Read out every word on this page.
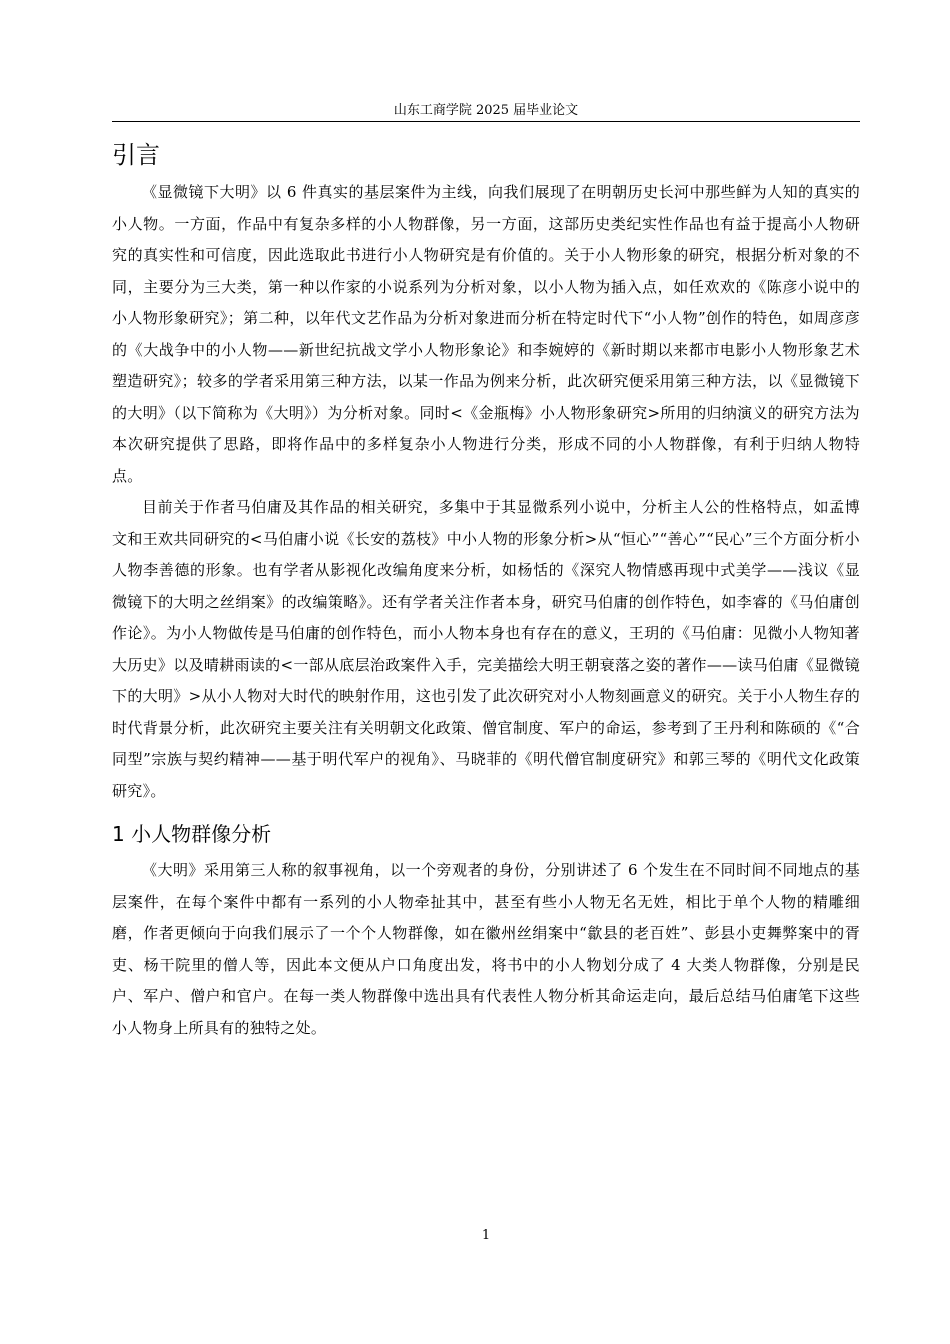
山东工商学院 2025 届毕业论文
引言

《显微镜下大明》以 6 件真实的基层案件为主线，向我们展现了在明朝历史长河中那些鲜为人知的真实的小人物。一方面，作品中有复杂多样的小人物群像，另一方面，这部历史类纪实性作品也有益于提高小人物研究的真实性和可信度，因此选取此书进行小人物研究是有价值的。关于小人物形象的研究，根据分析对象的不同，主要分为三大类，第一种以作家的小说系列为分析对象，以小人物为插入点，如任欢欢的《陈彦小说中的小人物形象研究》；第二种，以年代文艺作品为分析对象进而分析在特定时代下“小人物”创作的特色，如周彦彦的《大战争中的小人物——新世纪抗战文学小人物形象论》和李婉婷的《新时期以来都市电影小人物形象艺术塑造研究》；较多的学者采用第三种方法，以某一作品为例来分析，此次研究便采用第三种方法，以《显微镜下的大明》（以下简称为《大明》）为分析对象。同时<《金瓶梅》小人物形象研究>所用的归纳演义的研究方法为本次研究提供了思路，即将作品中的多样复杂小人物进行分类，形成不同的小人物群像，有利于归纳人物特点。

目前关于作者马伯庸及其作品的相关研究，多集中于其显微系列小说中，分析主人公的性格特点，如孟博文和王欢共同研究的<马伯庸小说《长安的荔枝》中小人物的形象分析>从“恒心”“善心”“民心”三个方面分析小人物李善德的形象。也有学者从影视化改编角度来分析，如杨恬的《深究人物情感再现中式美学——浅议《显微镜下的大明之丝绢案》的改编策略》。还有学者关注作者本身，研究马伯庸的创作特色，如李睿的《马伯庸创作论》。为小人物做传是马伯庸的创作特色，而小人物本身也有存在的意义，王玥的《马伯庸：见微小人物知著大历史》以及晴耕雨读的<一部从底层治政案件入手，完美描绘大明王朝衰落之姿的著作——读马伯庸《显微镜下的大明》>从小人物对大时代的映射作用，这也引发了此次研究对小人物刻画意义的研究。关于小人物生存的时代背景分析，此次研究主要关注有关明朝文化政策、僧官制度、军户的命运，参考到了王丹利和陈硕的《“合同型”宗族与契约精神——基于明代军户的视角》、马晓菲的《明代僧官制度研究》和郭三琴的《明代文化政策研究》。

1 小人物群像分析

《大明》采用第三人称的叙事视角，以一个旁观者的身份，分别讲述了 6 个发生在不同时间不同地点的基层案件，在每个案件中都有一系列的小人物牵扯其中，甚至有些小人物无名无姓，相比于单个人物的精雕细磨，作者更倾向于向我们展示了一个个人物群像，如在徽州丝绢案中“歙县的老百姓”、彭县小吏舞弊案中的胥吏、杨干院里的僧人等，因此本文便从户口角度出发，将书中的小人物划分成了 4 大类人物群像，分别是民户、军户、僧户和官户。在每一类人物群像中选出具有代表性人物分析其命运走向，最后总结马伯庸笔下这些小人物身上所具有的独特之处。

1
